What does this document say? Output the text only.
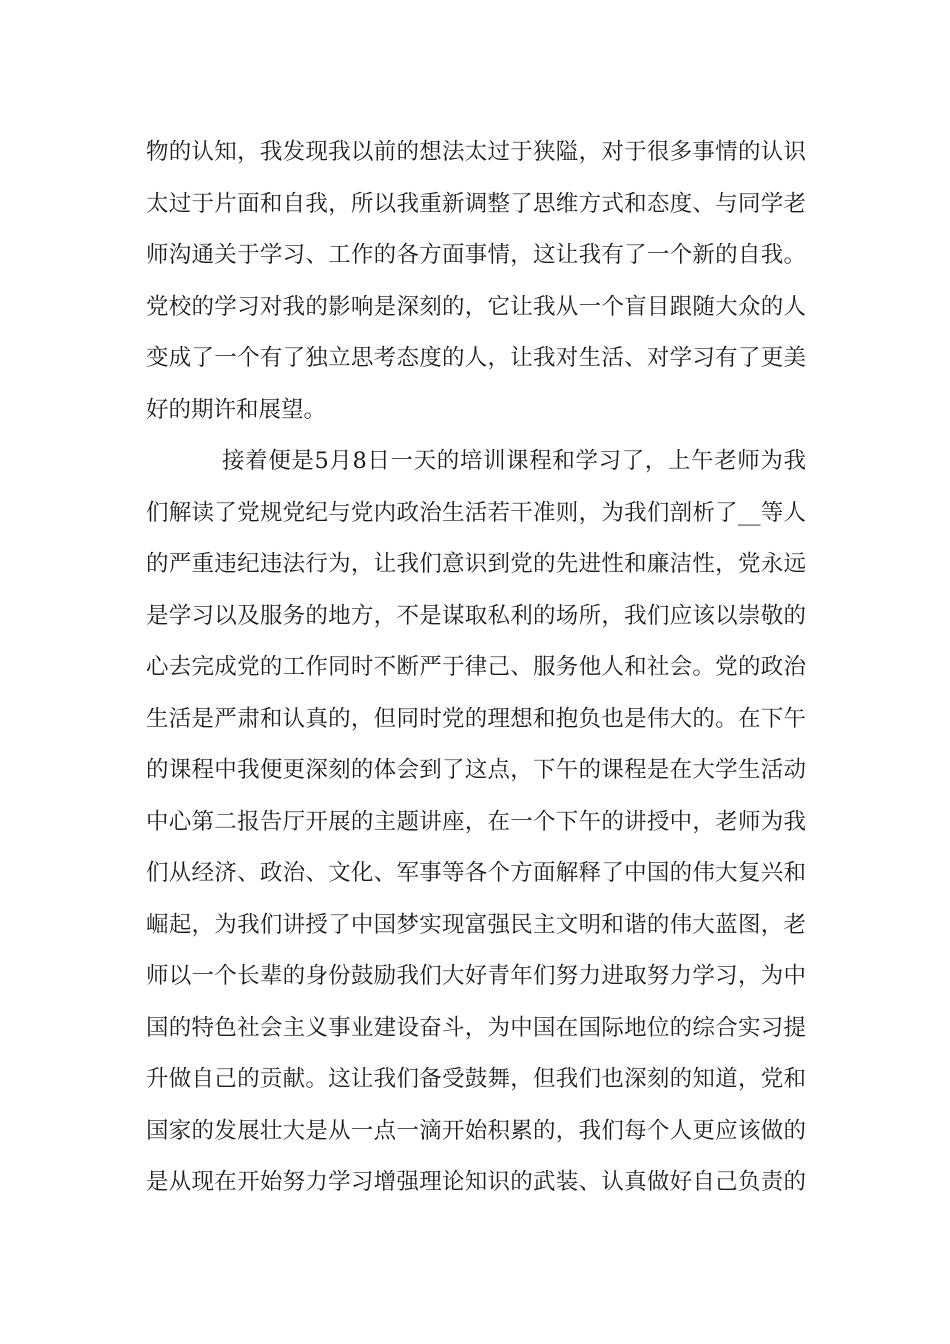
物的认知，我发现我以前的想法太过于狭隘，对于很多事情的认识
太过于片面和自我，所以我重新调整了思维方式和态度、与同学老
师沟通关于学习、工作的各方面事情，这让我有了一个新的自我。
党校的学习对我的影响是深刻的，它让我从一个盲目跟随大众的人
变成了一个有了独立思考态度的人，让我对生活、对学习有了更美
好的期许和展望。
接着便是5月8日一天的培训课程和学习了，上午老师为我
们解读了党规党纪与党内政治生活若干准则，为我们剖析了__等人
的严重违纪违法行为，让我们意识到党的先进性和廉洁性，党永远
是学习以及服务的地方，不是谋取私利的场所，我们应该以崇敬的
心去完成党的工作同时不断严于律己、服务他人和社会。党的政治
生活是严肃和认真的，但同时党的理想和抱负也是伟大的。在下午
的课程中我便更深刻的体会到了这点，下午的课程是在大学生活动
中心第二报告厅开展的主题讲座，在一个下午的讲授中，老师为我
们从经济、政治、文化、军事等各个方面解释了中国的伟大复兴和
崛起，为我们讲授了中国梦实现富强民主文明和谐的伟大蓝图，老
师以一个长辈的身份鼓励我们大好青年们努力进取努力学习，为中
国的特色社会主义事业建设奋斗，为中国在国际地位的综合实习提
升做自己的贡献。这让我们备受鼓舞，但我们也深刻的知道，党和
国家的发展壮大是从一点一滴开始积累的，我们每个人更应该做的
是从现在开始努力学习增强理论知识的武装、认真做好自己负责的
